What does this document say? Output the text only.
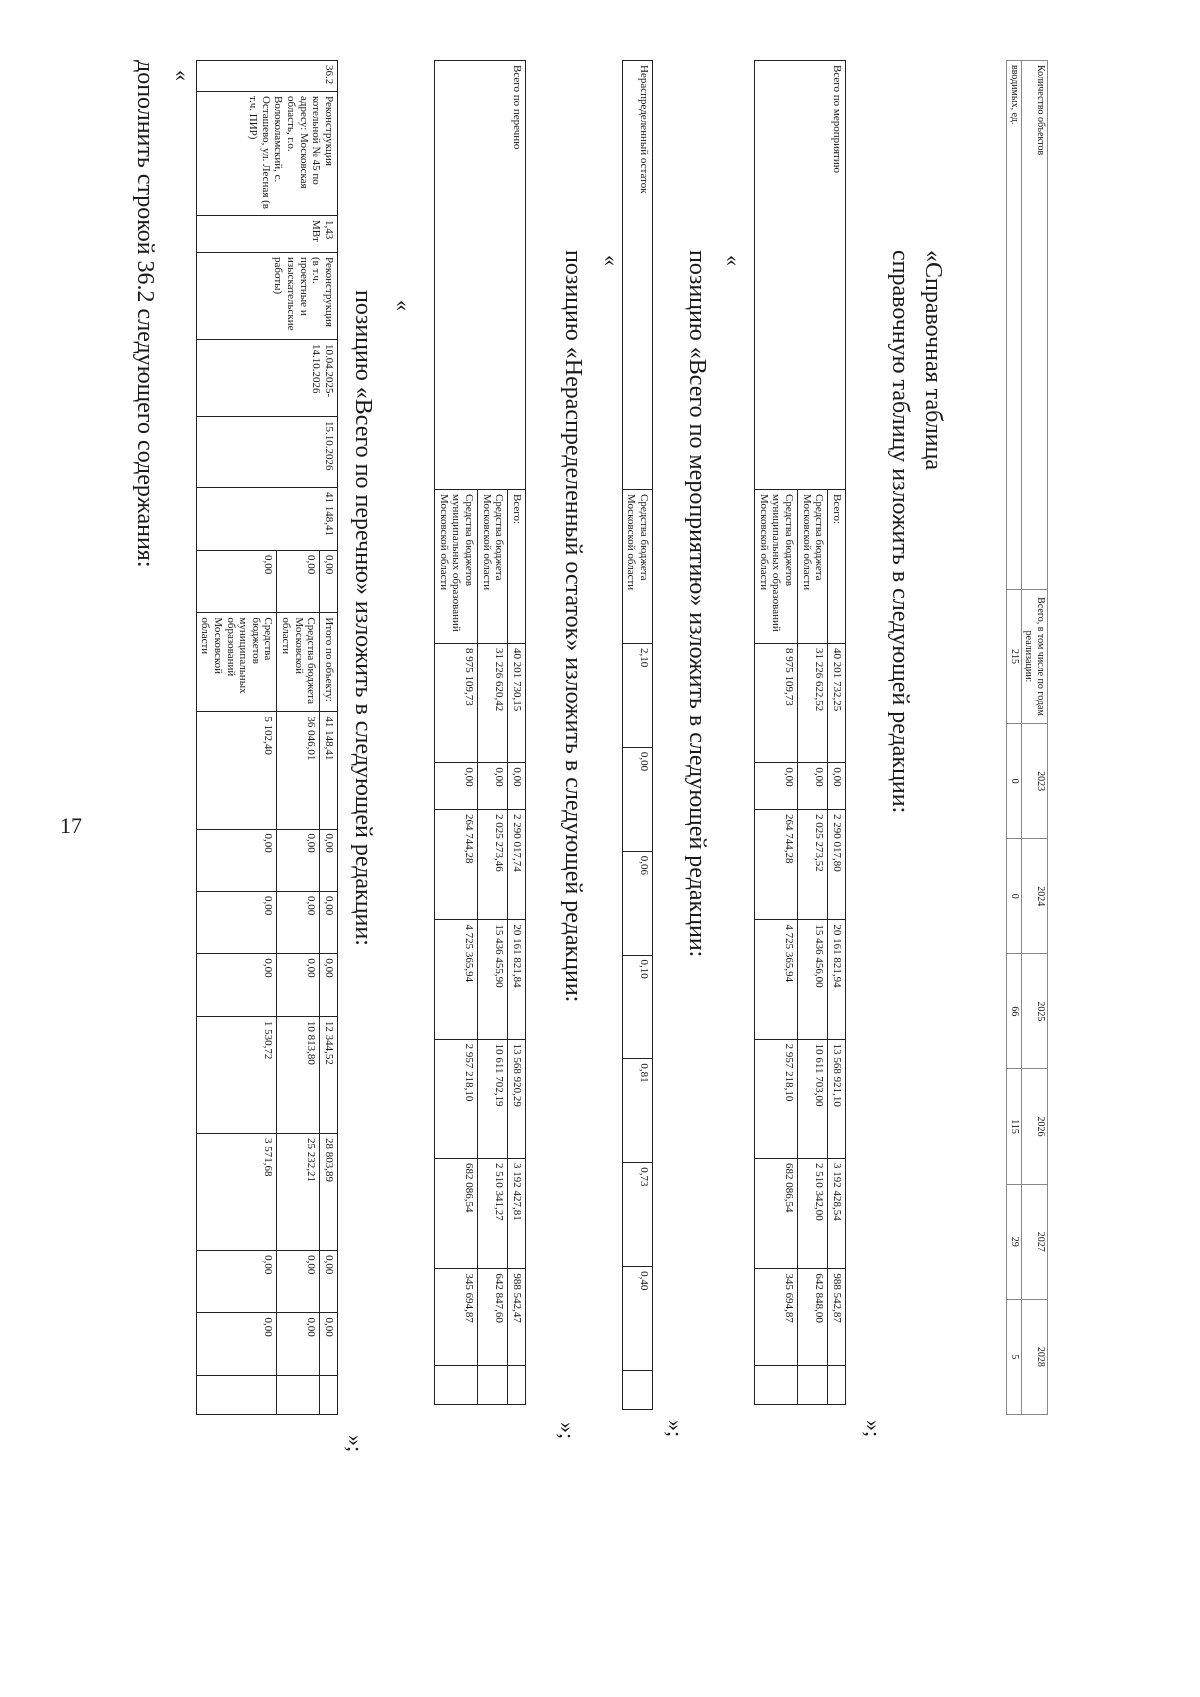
17
дополнить строкой 36.2 следующего содержания: «	36.2	Реконструкция котельной № 45 по адресу: Московская область, г.о. Волоколамский, с. Осташево, ул. Лесная (в т.ч. ПИР)	1,43 МВт	Реконструкция (в т.ч. проектные и изыскательские работы)	10.04.2025-14.10.2026	15.10.2026	41 148,41	0,00	Итого по объекту:	41 148,41	0,00	0,00	0,00	12 344,52	28 803,89	0,00	0,00	
							0,00	Средства бюджета Московской области	36 046,01	0,00	0,00	0,00	10 813,80	25 232,21	0,00	0,00	
							0,00	Средства бюджетов муниципальных образований Московской области	5 102,40	0,00	0,00	0,00	1 530,72	3 571,68	0,00	0,00	
»;
позицию «Всего по перечню» изложить в следующей редакции: «
Всего по перечню	Всего:	40 201 730,15	0,00	2 290 017,74	20 161 821,84	13 568 920,29	3 192 427,81	988 542,47	
	Средства бюджета Московской области	31 226 620,42	0,00	2 025 273,46	15 436 455,90	10 611 702,19	2 510 341,27	642 847,60	
	Средства бюджетов муниципальных образований Московской области	8 975 109,73	0,00	264 744,28	4 725 365,94	2 957 218,10	682 086,54	345 694,87	
»;
позицию «Нераспределенный остаток» изложить в следующей редакции: «
Нераспределенный остаток	Средства бюджета Московской области	2,10	0,00	0,06	0,10	0,81	0,73	0,40	
»;
позицию «Всего по мероприятию» изложить в следующей редакции: «
Всего по мероприятию	Всего:	40 201 732,25	0,00	2 290 017,80	20 161 821,94	13 568 921,10	3 192 428,54	988 542,87	
	Средства бюджета Московской области	31 226 622,52	0,00	2 025 273,52	15 436 456,00	10 611 703,00	2 510 342,00	642 848,00	
	Средства бюджетов муниципальных образований Московской области	8 975 109,73	0,00	264 744,28	4 725 365,94	2 957 218,10	682 086,54	345 694,87	
»;
справочную таблицу изложить в следующей редакции: «Справочная таблица
Количество объектов	Всего, в том числе по годам реализации:	2023	2024	2025	2026	2027	2028
вводимых, ед.	215	0	0	66	115	29	5
